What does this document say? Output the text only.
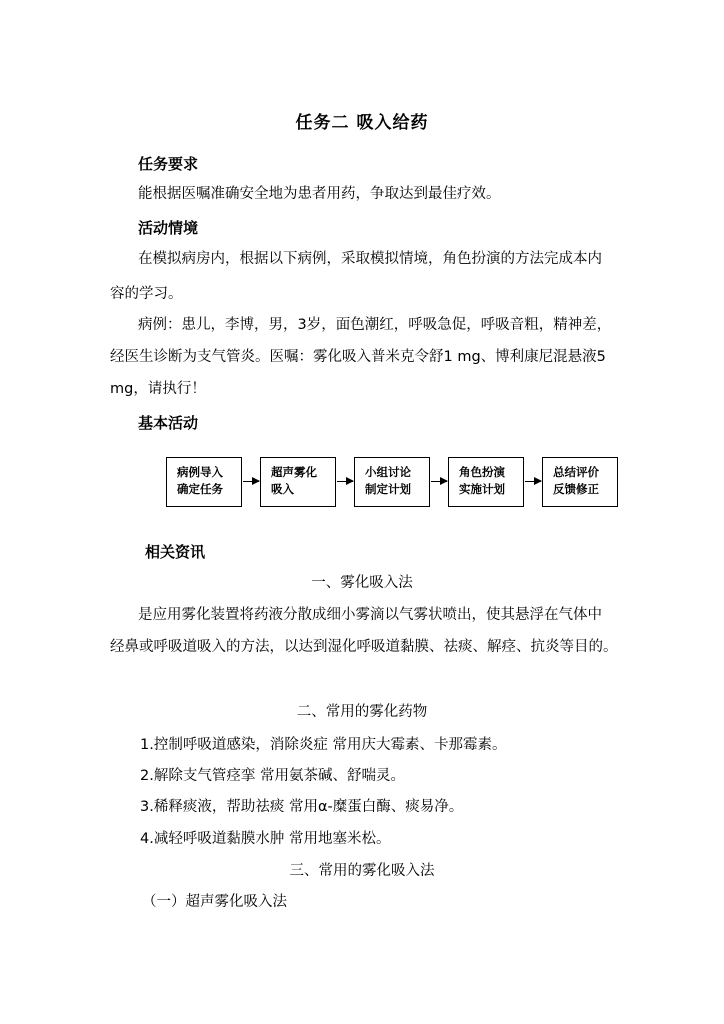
任务二 吸入给药
任务要求
能根据医嘱准确安全地为患者用药，争取达到最佳疗效。
活动情境
在模拟病房内，根据以下病例，采取模拟情境，角色扮演的方法完成本内
容的学习。
病例：患儿，李博，男，3岁，面色潮红，呼吸急促，呼吸音粗，精神差，
经医生诊断为支气管炎。医嘱：雾化吸入普米克令舒1 mg、博利康尼混悬液5
mg，请执行！
基本活动
病例导入
确定任务
超声雾化
吸入
小组讨论
制定计划
角色扮演
实施计划
总结评价
反馈修正
相关资讯
一、雾化吸入法
是应用雾化装置将药液分散成细小雾滴以气雾状喷出，使其悬浮在气体中
经鼻或呼吸道吸入的方法，以达到湿化呼吸道黏膜、祛痰、解痉、抗炎等目的。
二、常用的雾化药物
1.控制呼吸道感染，消除炎症 常用庆大霉素、卡那霉素。
2.解除支气管痉挛 常用氨茶碱、舒喘灵。
3.稀释痰液，帮助祛痰 常用α-糜蛋白酶、痰易净。
4.减轻呼吸道黏膜水肿 常用地塞米松。
三、常用的雾化吸入法
（一）超声雾化吸入法
